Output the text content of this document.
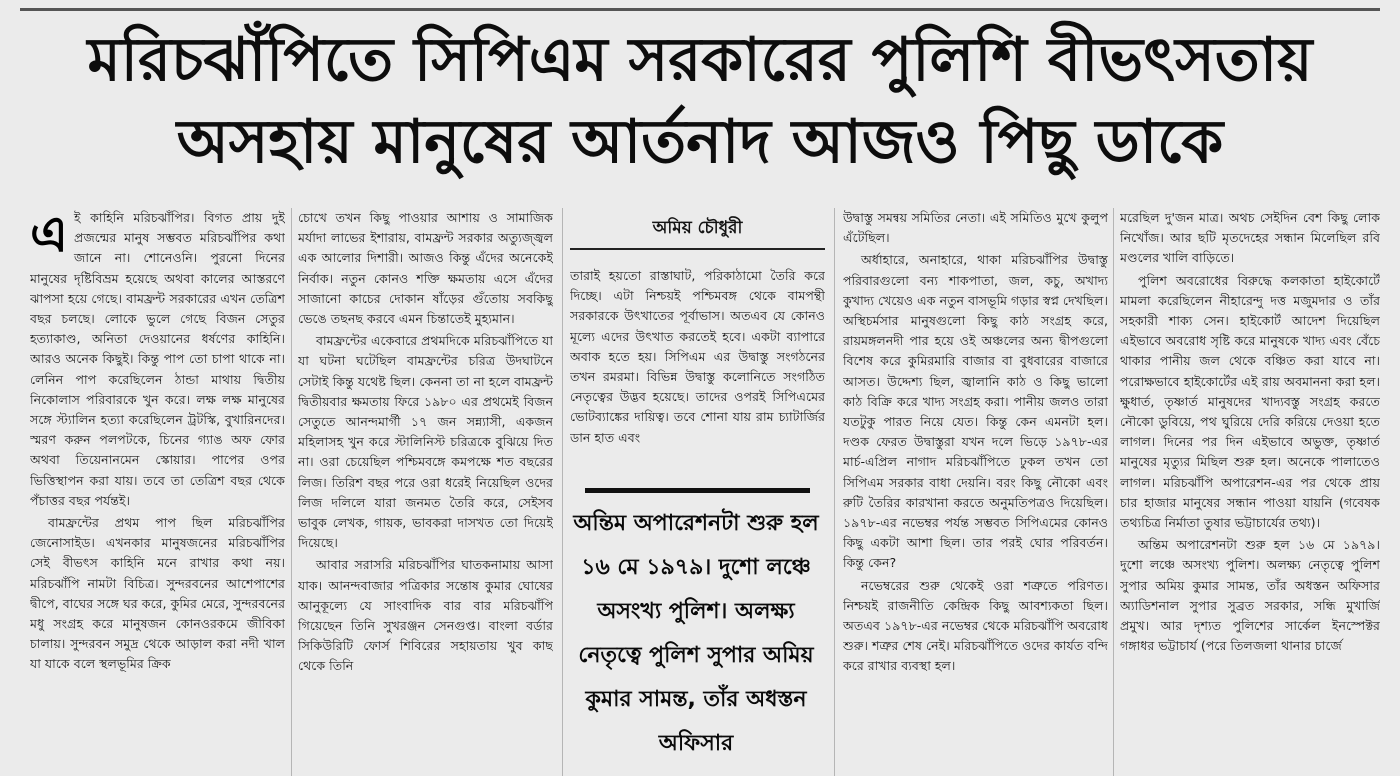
মরিচঝাঁপিতে সিপিএম সরকারের পুলিশি বীভৎসতায়
অসহায় মানুষের আর্তনাদ আজও পিছু ডাকে

এই কাহিনি মরিচঝাঁপির। বিগত প্রায় দুই প্রজন্মের মানুষ সম্ভবত মরিচঝাঁপির কথা জানে না। শোনেওনি। পুরনো দিনের মানুষের দৃষ্টিবিভ্রম হয়েছে অথবা কালের আস্তরণে ঝাপসা হয়ে গেছে। বামফ্রন্ট সরকারের এখন তেত্রিশ বছর চলছে। লোকে ভুলে গেছে বিজন সেতুর হত্যাকাণ্ড, অনিতা দেওয়ানের ধর্ষণের কাহিনি। আরও অনেক কিছুই। কিন্তু পাপ তো চাপা থাকে না। লেনিন পাপ করেছিলেন ঠান্ডা মাথায় দ্বিতীয় নিকোলাস পরিবারকে খুন করে। লক্ষ লক্ষ মানুষের সঙ্গে স্ট্যালিন হত্যা করেছিলেন ট্রটস্কি, বুখারিনদের। স্মরণ করুন পলপটকে, চিনের গ্যাঙ অফ ফোর অথবা তিয়েনানমেন স্কোয়ার। পাপের ওপর ভিত্তিস্থাপন করা যায়। তবে তা তেত্রিশ বছর থেকে পঁচাত্তর বছর পর্যন্তই।

বামফ্রন্টের প্রথম পাপ ছিল মরিচঝাঁপির জেনোসাইড। এখনকার মানুষজনের মরিচঝাঁপির সেই বীভৎস কাহিনি মনে রাখার কথা নয়। মরিচঝাঁপি নামটা বিচিত্র। সুন্দরবনের আশেপাশের দ্বীপে, বাঘের সঙ্গে ঘর করে, কুমির মেরে, সুন্দরবনের মধু সংগ্রহ করে মানুষজন কোনওরকমে জীবিকা চালায়। সুন্দরবন সমুদ্র থেকে আড়াল করা নদী খাল যা যাকে বলে স্থলভূমির ক্রিক

চোখে তখন কিছু পাওয়ার আশায় ও সামাজিক মর্যাদা লাভের ইশারায়, বামফ্রন্ট সরকার অত্যুজ্জ্বল এক আলোর দিশারী। আজও কিন্তু এঁদের অনেকেই নির্বাক। নতুন কোনও শক্তি ক্ষমতায় এসে এঁদের সাজানো কাচের দোকান ষাঁড়ের গুঁতোয় সবকিছু ভেঙে তছনছ করবে এমন চিন্তাতেই মুহ্যমান।

বামফ্রন্টের একেবারে প্রথমদিকে মরিচঝাঁপিতে যা যা ঘটনা ঘটেছিল বামফ্রন্টের চরিত্র উদঘাটনে সেটাই কিন্তু যথেষ্ট ছিল। কেননা তা না হলে বামফ্রন্ট দ্বিতীয়বার ক্ষমতায় ফিরে ১৯৮০ এর প্রথমেই বিজন সেতুতে আনন্দমার্গী ১৭ জন সন্ন্যাসী, একজন মহিলাসহ খুন করে স্টালিনিস্ট চরিত্রকে বুঝিয়ে দিত না। ওরা চেয়েছিল পশ্চিমবঙ্গে কমপক্ষে শত বছরের লিজ। তিরিশ বছর পরে ওরা ধরেই নিয়েছিল ওদের লিজ দলিলে যারা জনমত তৈরি করে, সেইসব ভাবুক লেখক, গায়ক, ভাবকরা দাসখত তো দিয়েই দিয়েছে।

আবার সরাসরি মরিচঝাঁপির ঘাতকনামায় আসা যাক। আনন্দবাজার পত্রিকার সন্তোষ কুমার ঘোষের আনুকূল্যে যে সাংবাদিক বার বার মরিচঝাঁপি গিয়েছেন তিনি সুখরঞ্জন সেনগুপ্ত। বাংলা বর্ডার সিকিউরিটি ফোর্স শিবিরের সহায়তায় খুব কাছ থেকে তিনি

অমিয় চৌধুরী

তারাই হয়তো রাস্তাঘাট, পরিকাঠামো তৈরি করে দিচ্ছে। এটা নিশ্চয়ই পশ্চিমবঙ্গ থেকে বামপন্থী সরকারকে উৎখাতের পূর্বাভাস। অতএব যে কোনও মূল্যে এদের উৎখাত করতেই হবে। একটা ব্যাপারে অবাক হতে হয়। সিপিএম এর উদ্বাস্তু সংগঠনের তখন রমরমা। বিভিন্ন উদ্বাস্তু কলোনিতে সংগঠিত নেতৃত্বের উদ্ভব হয়েছে। তাদের ওপরই সিপিএমের ভোটব্যাঙ্কের দায়িত্ব। তবে শোনা যায় রাম চ্যাটার্জির ডান হাত এবং

অন্তিম অপারেশনটা শুরু হল ১৬ মে ১৯৭৯। দুশো লঞ্চে অসংখ্য পুলিশ। অলক্ষ্য নেতৃত্বে পুলিশ সুপার অমিয় কুমার সামন্ত, তাঁর অধস্তন অফিসার

উদ্বাস্তু সমন্বয় সমিতির নেতা। এই সমিতিও মুখে কুলুপ এঁটেছিল।

অর্ধাহারে, অনাহারে, থাকা মরিচঝাঁপির উদ্বাস্তু পরিবারগুলো বন্য শাকপাতা, জল, কচু, অখাদ্য কুখাদ্য খেয়েও এক নতুন বাসভূমি গড়ার স্বপ্ন দেখছিল। অস্থিচর্মসার মানুষগুলো কিছু কাঠ সংগ্রহ করে, রায়মঙ্গলনদী পার হয়ে ওই অঞ্চলের অন্য দ্বীপগুলো বিশেষ করে কুমিরমারি বাজার বা বুধবারের বাজারে আসত। উদ্দেশ্য ছিল, জ্বালানি কাঠ ও কিছু ভালো কাঠ বিক্রি করে খাদ্য সংগ্রহ করা। পানীয় জলও তারা যতটুকু পারত নিয়ে যেত। কিন্তু কেন এমনটা হল। দণ্ডক ফেরত উদ্বাস্তুরা যখন দলে ভিড়ে ১৯৭৮-এর মার্চ-এপ্রিল নাগাদ মরিচঝাঁপিতে ঢুকল তখন তো সিপিএম সরকার বাধা দেয়নি। বরং কিছু নৌকো এবং রুটি তৈরির কারখানা করতে অনুমতিপত্রও দিয়েছিল। ১৯৭৮-এর নভেম্বর পর্যন্ত সম্ভবত সিপিএমের কোনও কিছু একটা আশা ছিল। তার পরই ঘোর পরিবর্তন। কিন্তু কেন?

নভেম্বরের শুরু থেকেই ওরা শত্রুতে পরিণত। নিশ্চয়ই রাজনীতি কেন্দ্রিক কিছু আবশ্যকতা ছিল। অতএব ১৯৭৮-এর নভেম্বর থেকে মরিচঝাঁপি অবরোধ শুরু। শত্রুর শেষ নেই। মরিচঝাঁপিতে ওদের কার্যত বন্দি করে রাখার ব্যবস্থা হল।

মরেছিল দু'জন মাত্র। অথচ সেইদিন বেশ কিছু লোক নিখোঁজ। আর ছটি মৃতদেহের সন্ধান মিলেছিল রবি মণ্ডলের খালি বাড়িতে।

পুলিশ অবরোধের বিরুদ্ধে কলকাতা হাইকোর্টে মামলা করেছিলেন নীহারেন্দু দত্ত মজুমদার ও তাঁর সহকারী শাক্য সেন। হাইকোর্ট আদেশ দিয়েছিল এইভাবে অবরোধ সৃষ্টি করে মানুষকে খাদ্য এবং বেঁচে থাকার পানীয় জল থেকে বঞ্চিত করা যাবে না। পরোক্ষভাবে হাইকোর্টের এই রায় অবমাননা করা হল। ক্ষুধার্ত, তৃষ্ণার্ত মানুষদের খাদ্যবস্তু সংগ্রহ করতে নৌকো ডুবিয়ে, পথ ঘুরিয়ে দেরি করিয়ে দেওয়া হতে লাগল। দিনের পর দিন এইভাবে অভুক্ত, তৃষ্ণার্ত মানুষের মৃত্যুর মিছিল শুরু হল। অনেকে পালাতেও লাগল। মরিচঝাঁপি অপারেশন-এর পর থেকে প্রায় চার হাজার মানুষের সন্ধান পাওয়া যায়নি (গবেষক তথ্যচিত্র নির্মাতা তুষার ভট্টাচার্যের তথ্য)।

অন্তিম অপারেশনটা শুরু হল ১৬ মে ১৯৭৯। দুশো লঞ্চে অসংখ্য পুলিশ। অলক্ষ্য নেতৃত্বে পুলিশ সুপার অমিয় কুমার সামন্ত, তাঁর অধস্তন অফিসার অ্যাডিশনাল সুপার সুব্রত সরকার, সন্ধি মুখার্জি প্রমুখ। আর দৃশ্যত পুলিশের সার্কেল ইনস্পেক্টর গঙ্গাধর ভট্টাচার্য (পরে তিলজলা থানার চার্জে
